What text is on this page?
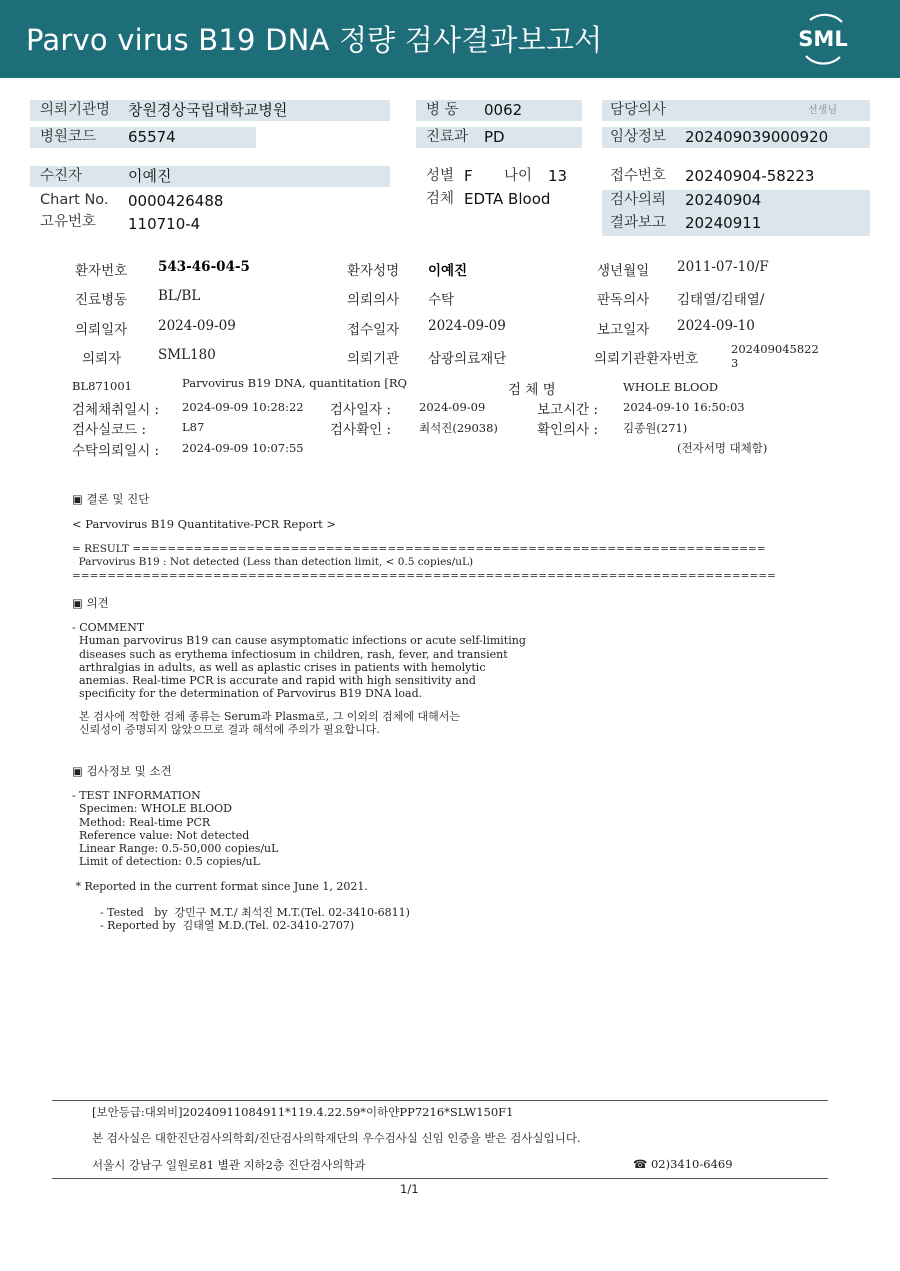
Parvo virus B19 DNA 정량 검사결과보고서	SML
의뢰기관명 창원경상국립대학교병원
병원코드 65574
병 동 0062
진료과 PD
담당의사	선생님
임상정보 202409039000920
수진자	이예진
Chart No. 0000426488
고유번호 110710-4
성별 F 나이 13
검체 EDTA Blood
접수번호 20240904-58223
검사의뢰 20240904
결과보고 20240911
환자번호 543-46-04-5	환자성명 이예진	생년월일 2011-07-10/F
진료병동 BL/BL	의뢰의사 수탁	판독의사 김태열/김태열/
의뢰일자 2024-09-09	접수일자 2024-09-09	보고일자 2024-09-10
의뢰자	SML180	의뢰기관 삼광의료재단	의뢰기관환자번호
202409045822
3
BL871001	Parvovirus B19 DNA, quantitation [RQ	검 체 명	WHOLE BLOOD
검체채취일시 : 2024-09-09 10:28:22 검사일자 : 2024-09-09	보고시간 : 2024-09-10 16:50:03
검사실코드 :	L87	검사확인 : 최석진(29038)	확인의사 : 김종원(271)
수탁의뢰일시 : 2024-09-09 10:07:55	(전자서명 대체함)
▣ 결론 및 진단
< Parvovirus B19 Quantitative-PCR Report >
= RESULT ========================================================================
Parvovirus B19 : Not detected (Less than detection limit, < 0.5 copies/uL)
================================================================================
▣ 의견
- COMMENT
Human parvovirus B19 can cause asymptomatic infections or acute self-limiting
diseases such as erythema infectiosum in children, rash, fever, and transient
arthralgias in adults, as well as aplastic crises in patients with hemolytic
anemias. Real-time PCR is accurate and rapid with high sensitivity and
specificity for the determination of Parvovirus B19 DNA load.
본 검사에 적합한 검체 종류는 Serum과 Plasma로, 그 이외의 검체에 대해서는
신뢰성이 증명되지 않았으므로 결과 해석에 주의가 필요합니다.
▣ 검사정보 및 소견
- TEST INFORMATION
Specimen: WHOLE BLOOD
Method: Real-time PCR
Reference value: Not detected
Linear Range: 0.5-50,000 copies/uL
Limit of detection: 0.5 copies/uL
* Reported in the current format since June 1, 2021.
- Tested   by  강민구 M.T./ 최석진 M.T.(Tel. 02-3410-6811)
- Reported by  김태열 M.D.(Tel. 02-3410-2707)
[보안등급:대외비]20240911084911*119.4.22.59*이하얀PP7216*SLW150F1
본 검사실은 대한진단검사의학회/진단검사의학재단의 우수검사실 신임 인증을 받은 검사실입니다.
서울시 강남구 일원로81 별관 지하2층 진단검사의학과	☎ 02)3410-6469
1/1
